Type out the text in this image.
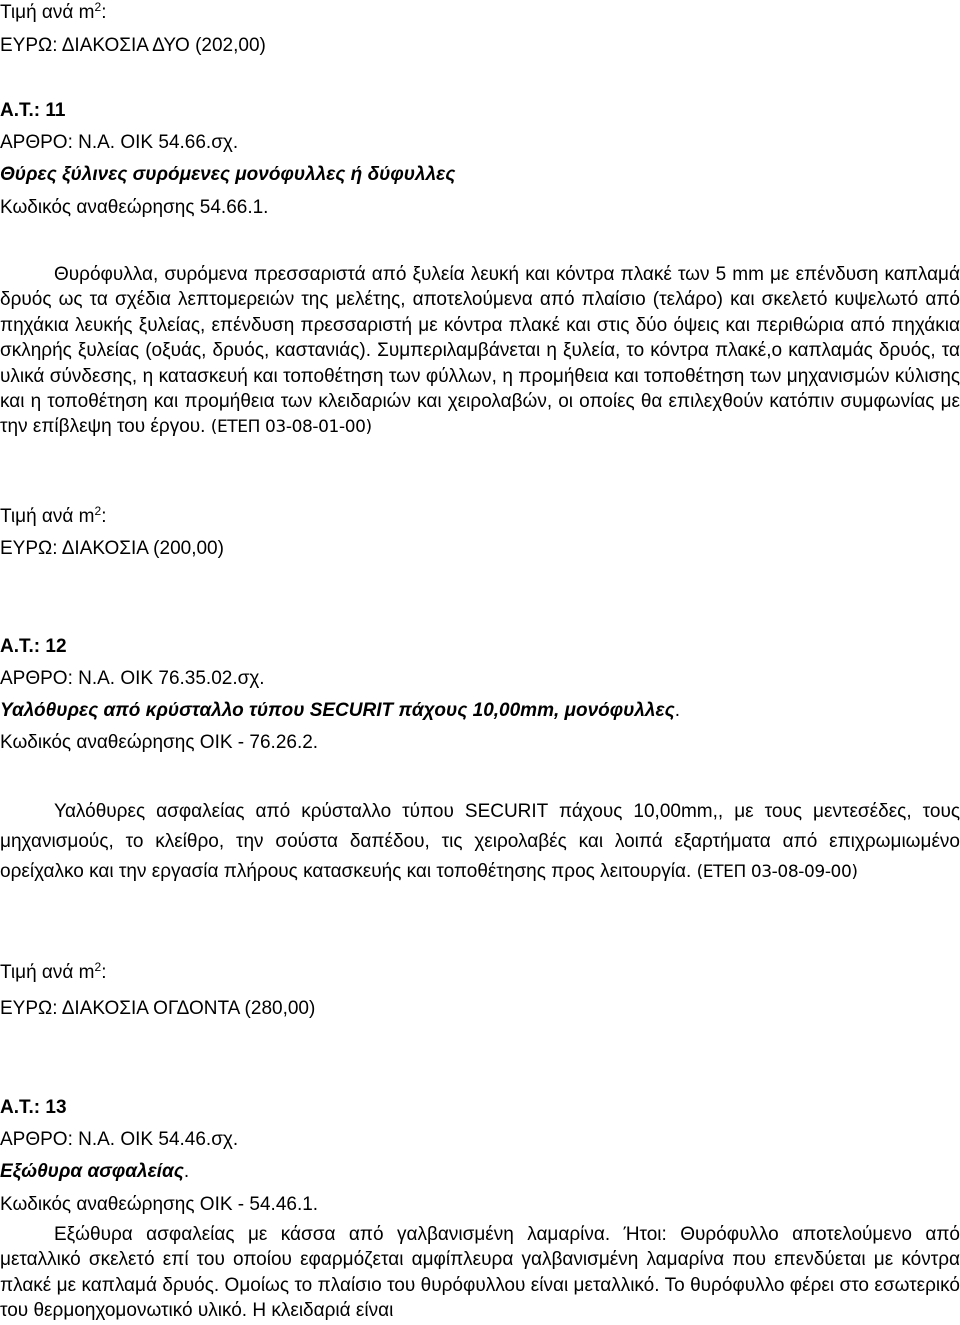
Τιμή ανά $m^2$:
ΕΥΡΩ: ΔΙΑΚΟΣΙΑ ΔΥΟ (202,00)
Α.Τ.: 11
ΑΡΘΡΟ: Ν.Α. ΟΙΚ 54.66.σχ.
Θύρες ξύλινες συρόμενες μονόφυλλες ή δύφυλλες
Κωδικός αναθεώρησης 54.66.1.
Θυρόφυλλα, συρόμενα πρεσσαριστά από ξυλεία λευκή και κόντρα πλακέ των 5 mm με επένδυση καπλαμά δρυός ως τα σχέδια λεπτομερειών της μελέτης, αποτελούμενα από πλαίσιο (τελάρο) και σκελετό κυψελωτό από πηχάκια λευκής ξυλείας, επένδυση πρεσσαριστή με κόντρα πλακέ και στις δύο όψεις και περιθώρια από πηχάκια σκληρής ξυλείας (οξυάς, δρυός, καστανιάς). Συμπεριλαμβάνεται η ξυλεία, το κόντρα πλακέ,ο καπλαμάς δρυός, τα υλικά σύνδεσης, η κατασκευή και τοποθέτηση των φύλλων, η προμήθεια και τοποθέτηση των μηχανισμών κύλισης και η τοποθέτηση και προμήθεια των κλειδαριών και χειρολαβών, οι οποίες θα επιλεχθούν κατόπιν συμφωνίας με την επίβλεψη του έργου. (ΕΤΕΠ 03-08-01-00)
Τιμή ανά $m^2$:
ΕΥΡΩ: ΔΙΑΚΟΣΙΑ (200,00)
Α.Τ.: 12
ΑΡΘΡΟ: Ν.Α. ΟΙΚ 76.35.02.σχ.
Υαλόθυρες από κρύσταλλο τύπου SECURIT πάχους 10,00mm, μονόφυλλες.
Κωδικός αναθεώρησης ΟΙΚ - 76.26.2.
Υαλόθυρες ασφαλείας από κρύσταλλο τύπου SECURIT πάχους 10,00mm,, με τους μεντεσέδες, τους μηχανισμούς, το κλείθρο, την σούστα δαπέδου, τις χειρολαβές και λοιπά εξαρτήματα από επιχρωμιωμένο ορείχαλκο και την εργασία πλήρους κατασκευής και τοποθέτησης προς λειτουργία. (ΕΤΕΠ 03-08-09-00)
Τιμή ανά $m^2$:
ΕΥΡΩ: ΔΙΑΚΟΣΙΑ ΟΓΔΟΝΤΑ (280,00)
Α.Τ.: 13
ΑΡΘΡΟ: Ν.Α. ΟΙΚ 54.46.σχ.
Εξώθυρα ασφαλείας.
Κωδικός αναθεώρησης ΟΙΚ - 54.46.1.
Εξώθυρα ασφαλείας με κάσσα από γαλβανισμένη λαμαρίνα. Ήτοι: Θυρόφυλλο αποτελούμενο από μεταλλικό σκελετό επί του οποίου εφαρμόζεται αμφίπλευρα γαλβανισμένη λαμαρίνα που επενδύεται με κόντρα πλακέ με καπλαμά δρυός. Ομοίως το πλαίσιο του θυρόφυλλου είναι μεταλλικό. Το θυρόφυλλο φέρει στο εσωτερικό του θερμοηχομονωτικό υλικό. Η κλειδαριά είναι
